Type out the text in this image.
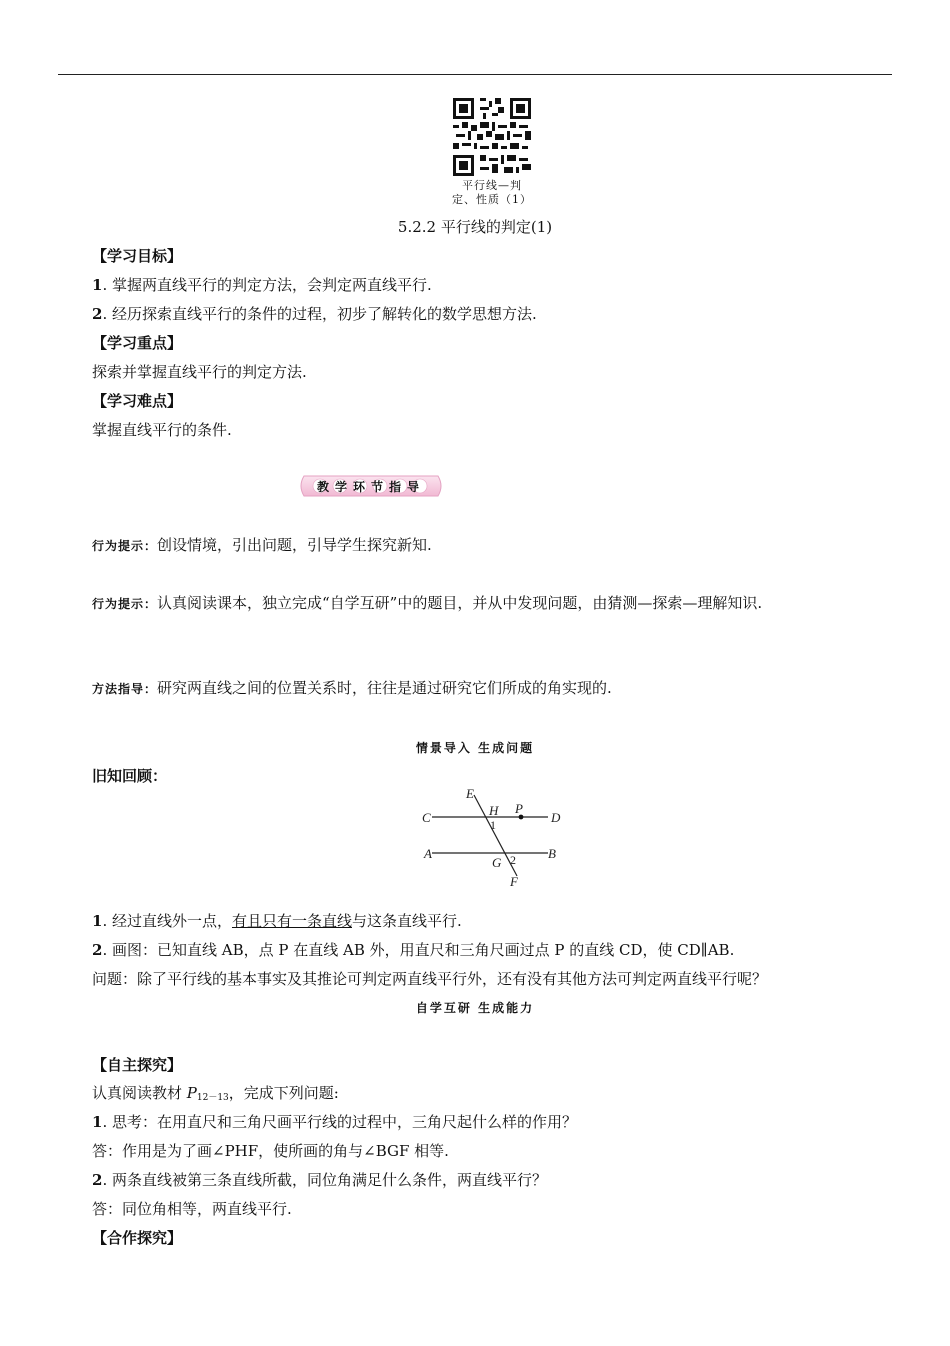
平行线—判
定、性质（1）
5.2.2 平行线的判定(1)
【学习目标】
1. 掌握两直线平行的判定方法，会判定两直线平行.
2. 经历探索直线平行的条件的过程，初步了解转化的数学思想方法.
【学习重点】
探索并掌握直线平行的判定方法.
【学习难点】
掌握直线平行的条件.
教学环节指导
行为提示：创设情境，引出问题，引导学生探究新知.
行为提示：认真阅读课本，独立完成“自学互研”中的题目，并从中发现问题，由猜测—探索—理解知识.
方法指导：研究两直线之间的位置关系时，往往是通过研究它们所成的角实现的.
情景导入 生成问题
旧知回顾：
E
H P
C	D
A	B
G
F
1
2
1. 经过直线外一点，有且只有一条直线与这条直线平行.
2. 画图：已知直线 AB，点 P 在直线 AB 外，用直尺和三角尺画过点 P 的直线 CD，使 CD∥AB.
问题：除了平行线的基本事实及其推论可判定两直线平行外，还有没有其他方法可判定两直线平行呢？
自学互研 生成能力
【自主探究】
认真阅读教材 $P_{12-13}$，完成下列问题:
1. 思考：在用直尺和三角尺画平行线的过程中，三角尺起什么样的作用？
答：作用是为了画∠PHF，使所画的角与∠BGF 相等.
2. 两条直线被第三条直线所截，同位角满足什么条件，两直线平行？
答：同位角相等，两直线平行.
【合作探究】
